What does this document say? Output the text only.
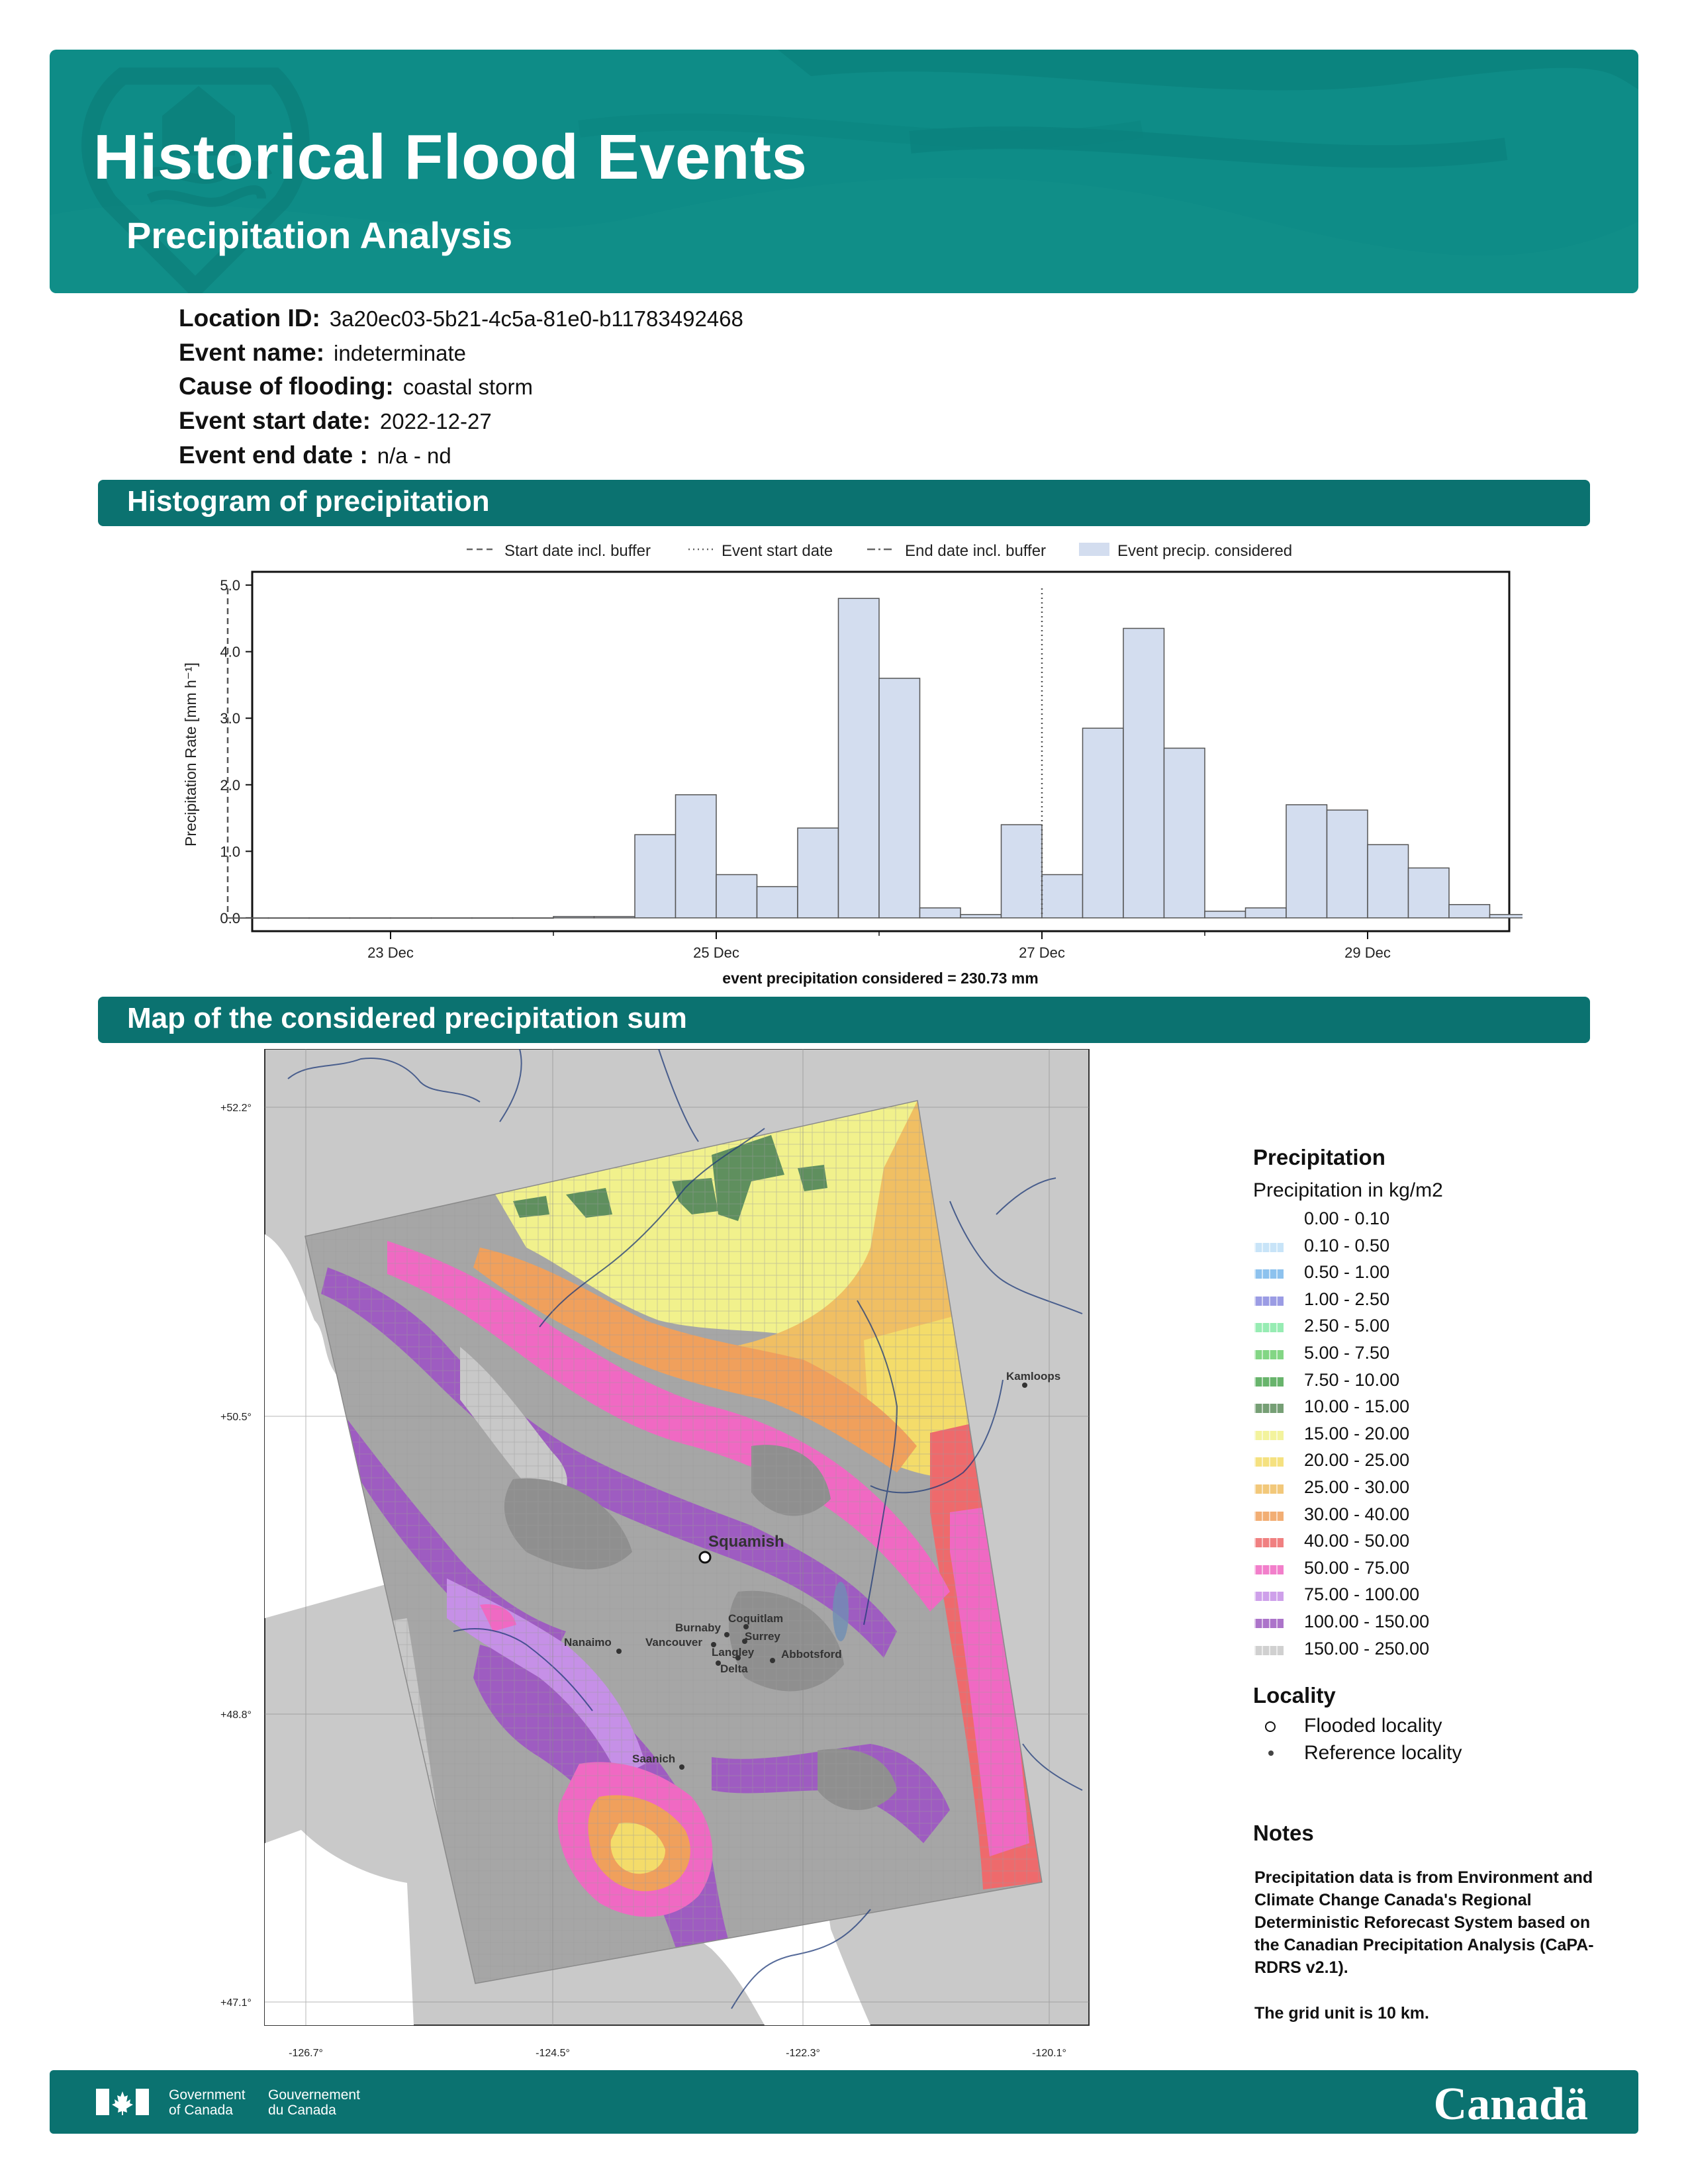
Historical Flood Events
Precipitation Analysis
Location ID: 3a20ec03-5b21-4c5a-81e0-b11783492468
Event name: indeterminate
Cause of flooding: coastal storm
Event start date: 2022-12-27
Event end date : n/a - nd
Histogram of precipitation
Start date incl. buffer	Event start date	End date incl. buffer	Event precip. considered
0.0
1.0
2.0
3.0
4.0
5.0
23 Dec	25 Dec	27 Dec	29 Dec
Precipitation Rate [mm h⁻¹]
event precipitation considered = 230.73 mm
Map of the considered precipitation sum
+52.2°
+50.5°
+48.8°
+47.1°
-126.7°	-124.5°	-122.3°	-120.1°
Squamish
Kamloops
Coquitlam
Burnaby
Surrey
Vancouver
Nanaimo
Langley
Delta
Abbotsford
Saanich
Precipitation
Precipitation in kg/m2
0.00 - 0.10
0.10 - 0.50
0.50 - 1.00
1.00 - 2.50
2.50 - 5.00
5.00 - 7.50
7.50 - 10.00
10.00 - 15.00
15.00 - 20.00
20.00 - 25.00
25.00 - 30.00
30.00 - 40.00
40.00 - 50.00
50.00 - 75.00
75.00 - 100.00
100.00 - 150.00
150.00 - 250.00
Locality
Flooded locality
Reference locality
Notes
Precipitation data is from Environment and Climate Change Canada's Regional Deterministic Reforecast System based on the Canadian Precipitation Analysis (CaPA-RDRS v2.1).
The grid unit is 10 km.
Government of Canada
Gouvernement du Canada	Canadä
